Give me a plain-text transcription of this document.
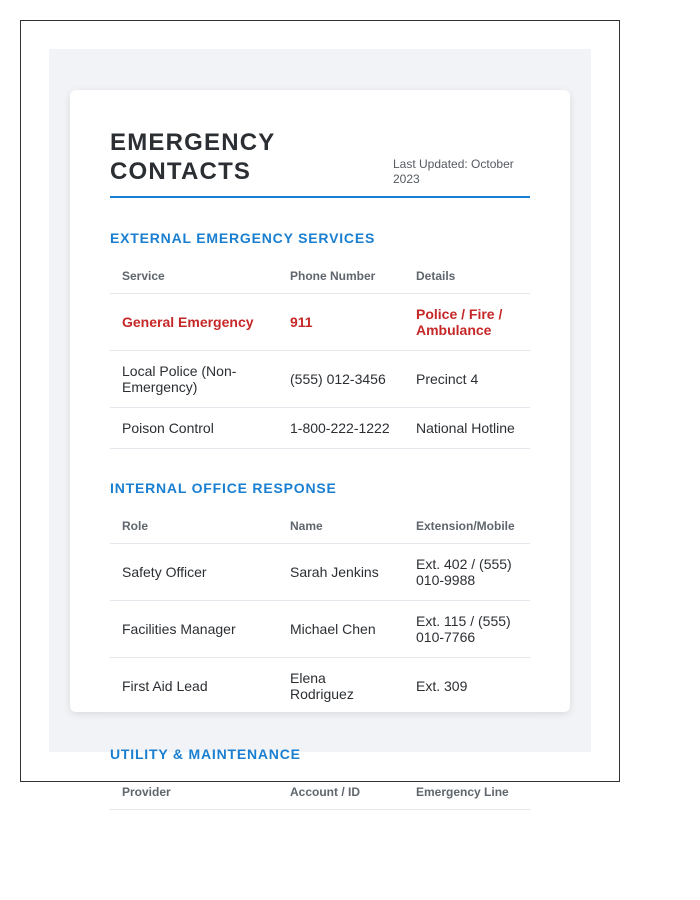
EMERGENCY CONTACTS	Last Updated: October 2023
EXTERNAL EMERGENCY SERVICES
Service	Phone Number	Details
General Emergency	911	Police / Fire / Ambulance
Local Police (Non-Emergency)	(555) 012-3456	Precinct 4
Poison Control	1-800-222-1222	National Hotline
INTERNAL OFFICE RESPONSE
Role	Name	Extension/Mobile
Safety Officer	Sarah Jenkins	Ext. 402 / (555) 010-9988
Facilities Manager	Michael Chen	Ext. 115 / (555) 010-7766
First Aid Lead	Elena Rodriguez	Ext. 309
UTILITY & MAINTENANCE
Provider	Account / ID	Emergency Line
